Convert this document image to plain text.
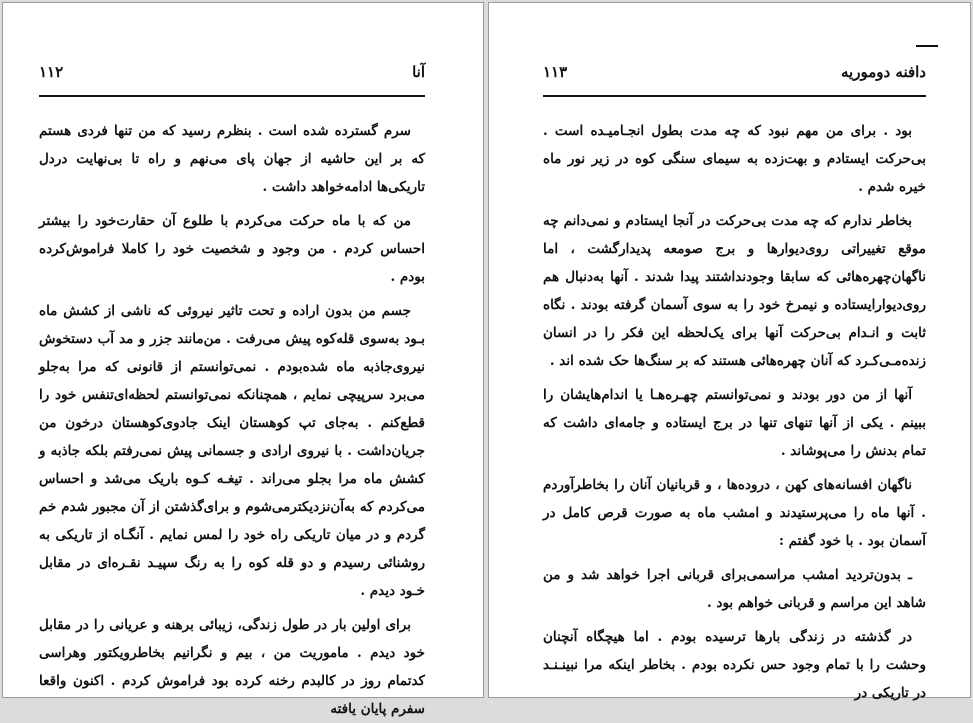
۱۱۲	آنا

سرم گسترده شده است . بنظرم رسید که من تنها فردی هستم که بر این حاشیه از جهان پای می‌نهم و راه تا بی‌نهایت دردل تاریکی‌ها ادامه‌خواهد داشت .

من که با ماه حرکت می‌کردم با طلوع آن حقارت‌خود را بیشتر احساس کردم . من وجود و شخصیت خود را کاملا فراموش‌کرده بودم .

جسم من بدون اراده و تحت تاثیر نیروئی که ناشی از کشش ماه بـود به‌سوی قله‌کوه پیش می‌رفت . من‌مانند جزر و مد آب دستخوش نیروی‌جاذبه ماه شده‌بودم . نمی‌توانستم از قانونی که مرا به‌جلو می‌برد سرپیچی نمایم ، همچنانکه نمی‌توانستم لحظه‌ای‌تنفس خود را قطع‌کنم . به‌جای تپ کوهستان اینک جادوی‌کوهستان درخون من جریان‌داشت . با نیروی ارادی و جسمانی پیش نمی‌رفتم بلکه جاذبه و کشش ماه مرا بجلو می‌راند . تیغـه کـوه باریک می‌شد و احساس می‌کردم که به‌آن‌نزدیکترمی‌شوم و برای‌گذشتن از آن مجبور شدم خم گردم و در میان تاریکی راه خود را لمس نمایم . آنگـاه از تاریکی به روشنائی رسیدم و دو قله کوه را به رنگ سپیـد نقـره‌ای در مقابل خـود دیدم .

برای اولین بار در طول زندگی، زیبائی برهنه و عریانی را در مقابل خود دیدم . ماموریت من ، بیم و نگرانیم بخاطرویکتور وهراسی کدتمام روز در کالبدم رخنه کرده بود فراموش کردم . اکنون واقعا سفرم پایان یافته

۱۱۳	دافنه دوموریه

بود . برای من مهم نبود که چه مدت بطول انجـامیـده است . بی‌حرکت ایستادم و بهت‌زده به سیمای سنگی کوه در زیر نور ماه خیره شدم .

بخاطر ندارم که چه مدت بی‌حرکت در آنجا ایستادم و نمی‌دانم چه موقع تغییراتی روی‌دیوارها و برج صومعه پدیدارگشت ، اما ناگهان‌چهره‌هائی که سابقا وجودنداشتند پیدا شدند . آنها به‌دنبال هم روی‌دیوارایستاده و نیمرخ خود را به سوی آسمان گرفته بودند . نگاه ثابت و انـدام بی‌حرکت آنها برای یک‌لحظه این فکر را در انسان زنده‌مـی‌کـرد که آنان چهره‌هائی هستند که بر سنگ‌ها حک شده اند .

آنها از من دور بودند و نمی‌توانستم چهـره‌هـا یا اندام‌هایشان را ببینم . یکی از آنها تنهای تنها در برج ایستاده و جامه‌ای داشت که تمام بدنش را می‌پوشاند .

ناگهان افسانه‌های کهن ، دروده‌ها ، و قربانیان آنان را بخاطرآوردم . آنها ماه را می‌پرستیدند و امشب ماه به صورت قرص کامل در آسمان بود . با خود گفتم :

ـ بدون‌تردید امشب مراسمی‌برای قربانی اجرا خواهد شد و من شاهد این مراسم و قربانی خواهم بود .

در گذشته در زندگی بارها ترسیده بودم . اما هیچگاه آنچنان وحشت را با تمام وجود حس نکرده بودم . بخاطر اینکه مرا نبینـنـد در تاریکی در
